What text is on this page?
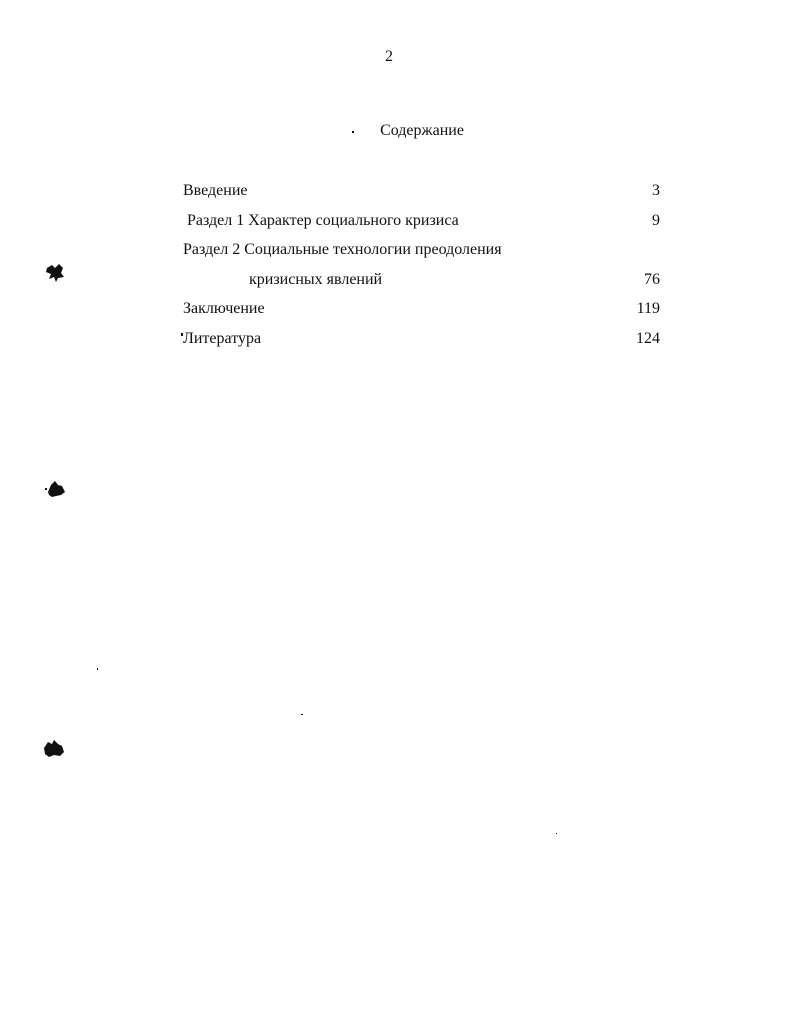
2
Содержание
Введение	3
Раздел 1 Характер социального кризиса	9
Раздел 2 Социальные технологии преодоления
кризисных явлений	76
Заключение	119
Литература	124
